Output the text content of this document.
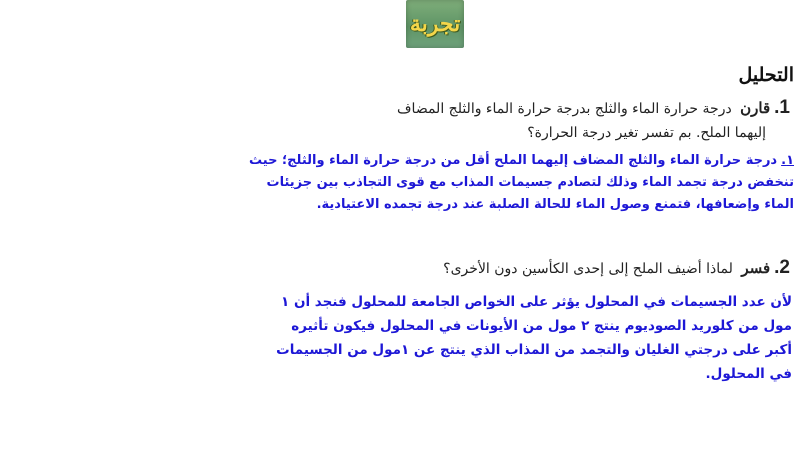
تجربة
التحليل
1.قارن درجة حرارة الماء والثلج بدرجة حرارة الماء والثلج المضاف
إليهما الملح. بم تفسر تغير درجة الحرارة؟
١.درجة حرارة الماء والثلج المضاف إليهما الملح أقل من درجة حرارة الماء والثلج؛ حيث تنخفض درجة تجمد الماء وذلك لتصادم جسيمات المذاب مع قوى التجاذب بين جزيئات الماء وإضعافها، فتمنع وصول الماء للحالة الصلبة عند درجة تجمده الاعتيادية.
2.فسر لماذا أضيف الملح إلى إحدى الكأسين دون الأخرى؟
لأن عدد الجسيمات في المحلول يؤثر على الخواص الجامعة للمحلول فنجد أن ١ مول من كلوريد الصوديوم ينتج ٢ مول من الأيونات في المحلول فيكون تأثيره أكبر على درجتي الغليان والتجمد من المذاب الذي ينتج عن ١مول من الجسيمات في المحلول.
